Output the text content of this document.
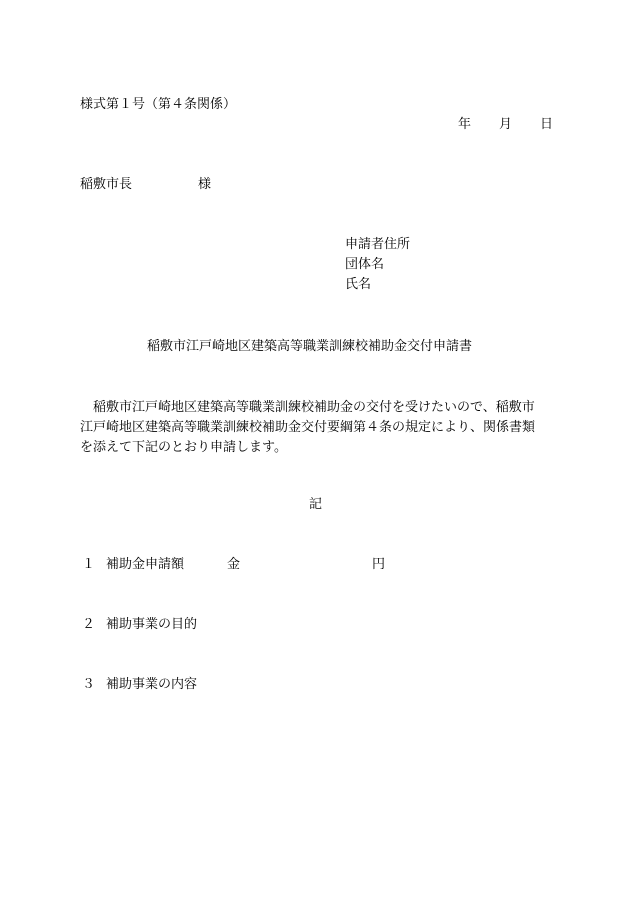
様式第１号（第４条関係）
年 月 日
稲敷市長	様
申請者住所
団体名
氏名
稲敷市江戸崎地区建築高等職業訓練校補助金交付申請書
稲敷市江戸崎地区建築高等職業訓練校補助金の交付を受けたいので、稲敷市
江戸崎地区建築高等職業訓練校補助金交付要綱第４条の規定により、関係書類
を添えて下記のとおり申請します。
記
１ 補助金申請額	金	円
２ 補助事業の目的
３ 補助事業の内容
